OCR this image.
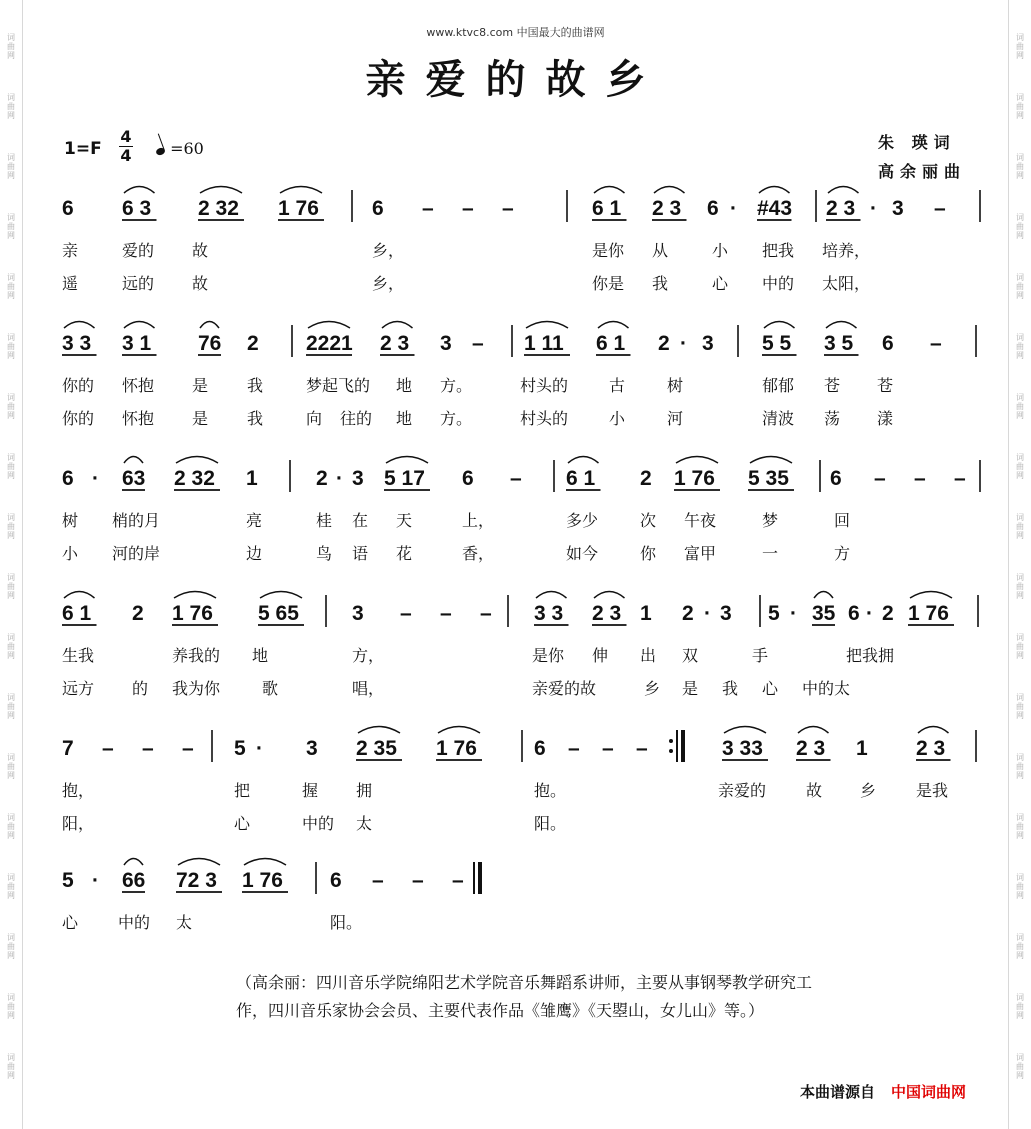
词
曲
网
词
曲
网
词
曲
网
词
曲
网
词
曲
网
词
曲
网
词
曲
网
词
曲
网
词
曲
网
词
曲
网
词
曲
网
词
曲
网
词
曲
网
词
曲
网
词
曲
网
词
曲
网
词
曲
网
词
曲
网
词
曲
网
词
曲
网
词
曲
网
词
曲
网
词
曲
网
词
曲
网
词
曲
网
词
曲
网
词
曲
网
词
曲
网
词
曲
网
词
曲
网
词
曲
网
词
曲
网
词
曲
网
词
曲
网
词
曲
网
词
曲
网
www.ktvc8.com 中国最大的曲谱网
亲爱的故乡
朱 瑛词
高余丽曲
1=F
4
4	=60
6 6 3 2 32 1 76	6 – – –	6 1 2 3 6 · #43 2 3 · 3 –
亲	爱的 故	乡，	是你 从	小 把我 培养，
遥	远的 故	乡，	你是 我	心 中的 太阳，
3 3 3 1 76 2 2221 2 3 3 – 1 11 6 1 2 · 3 5 5 3 5 6 –
你的 怀抱 是 我	梦起飞的 地 方。	村头的	古	树	郁郁 苍 苍
你的 怀抱 是 我	向 往的 地 方。	村头的	小	河	清波 荡 漾
6 · 63 2 32 1	2 · 3 5 17 6 – 6 1 2 1 76 5 35 6 – – –
树 梢的月	亮	桂 在 天	上，	多少	次 午夜	梦	回
小 河的岸	边	鸟 语 花	香，	如今	你 富甲	一	方
6 1 2 1 76 5 65	3 – – – 3 3 2 3 1 2 · 3 5 · 35 6 · 2 1 76
生我	养我的 地	方，	是你 伸 出 双	手	把我拥
远方 的 我为你	歌	唱，	亲爱的故	乡 是 我 心 中的太
7 – – – 5 · 3 2 35 1 76	6 – – –	3 33 2 3 1 2 3
抱，	把	握 拥	抱。	亲爱的 故 乡 是我
阳，	心	中的 太	阳。
5 · 66 72 3 1 76 6 – – –
心 中的 太	阳。
（高余丽：四川音乐学院绵阳艺术学院音乐舞蹈系讲师，主要从事钢琴教学研究工作，四川音乐家协会会员、主要代表作品《雏鹰》《天曌山，女儿山》等。）
本曲谱源自 中国词曲网
